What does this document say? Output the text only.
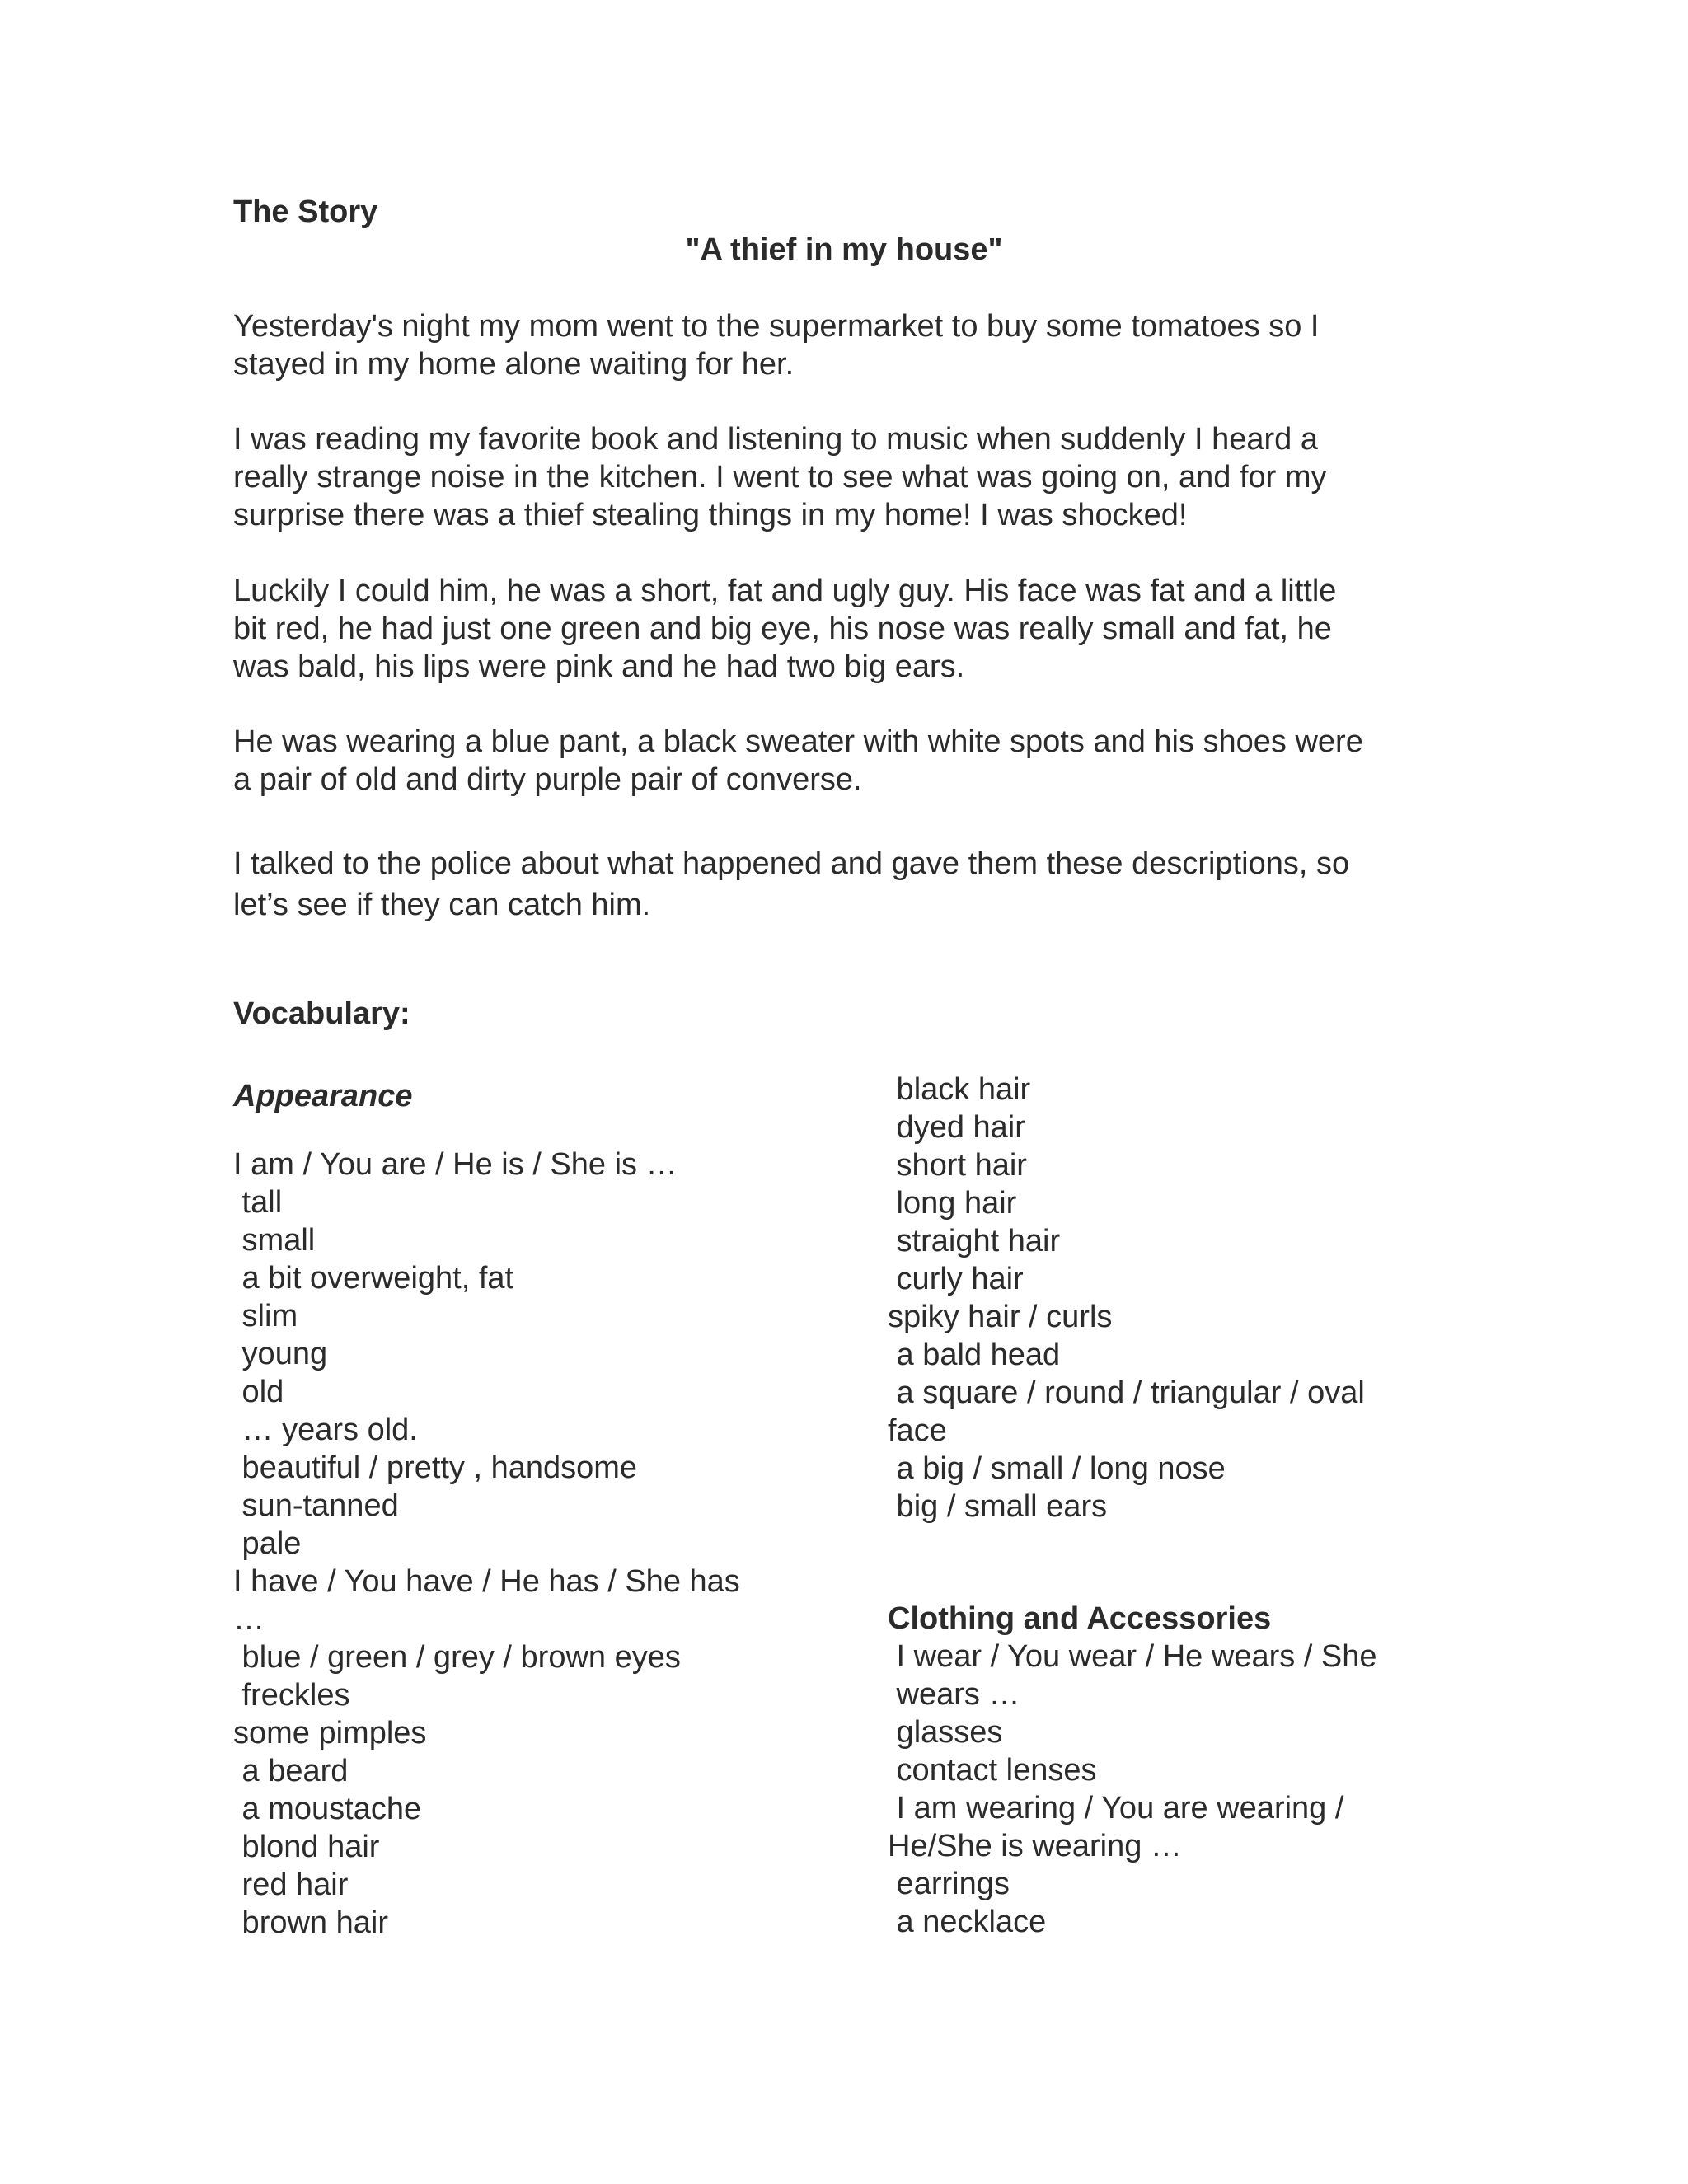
The Story

"A thief in my house"

Yesterday's night my mom went to the supermarket to buy some tomatoes so I
stayed in my home alone waiting for her.

I was reading my favorite book and listening to music when suddenly I heard a
really strange noise in the kitchen. I went to see what was going on, and for my
surprise there was a thief stealing things in my home! I was shocked!

Luckily I could him, he was a short, fat and ugly guy. His face was fat and a little
bit red, he had just one green and big eye, his nose was really small and fat, he
was bald, his lips were pink and he had two big ears.

He was wearing a blue pant, a black sweater with white spots and his shoes were
a pair of old and dirty purple pair of converse.

I talked to the police about what happened and gave them these descriptions, so
let’s see if they can catch him.

Vocabulary:

Appearance

I am / You are / He is / She is …
tall
small
a bit overweight, fat
slim
young
old
… years old.
beautiful / pretty , handsome
sun-tanned
pale
I have / You have / He has / She has
…
blue / green / grey / brown eyes
freckles
some pimples
a beard
a moustache
blond hair
red hair
brown hair
black hair
dyed hair
short hair
long hair
straight hair
curly hair
spiky hair / curls
a bald head
a square / round / triangular / oval
face
a big / small / long nose
big / small ears

Clothing and Accessories

I wear / You wear / He wears / She
wears …
glasses
contact lenses
I am wearing / You are wearing /
He/She is wearing …
earrings
a necklace
